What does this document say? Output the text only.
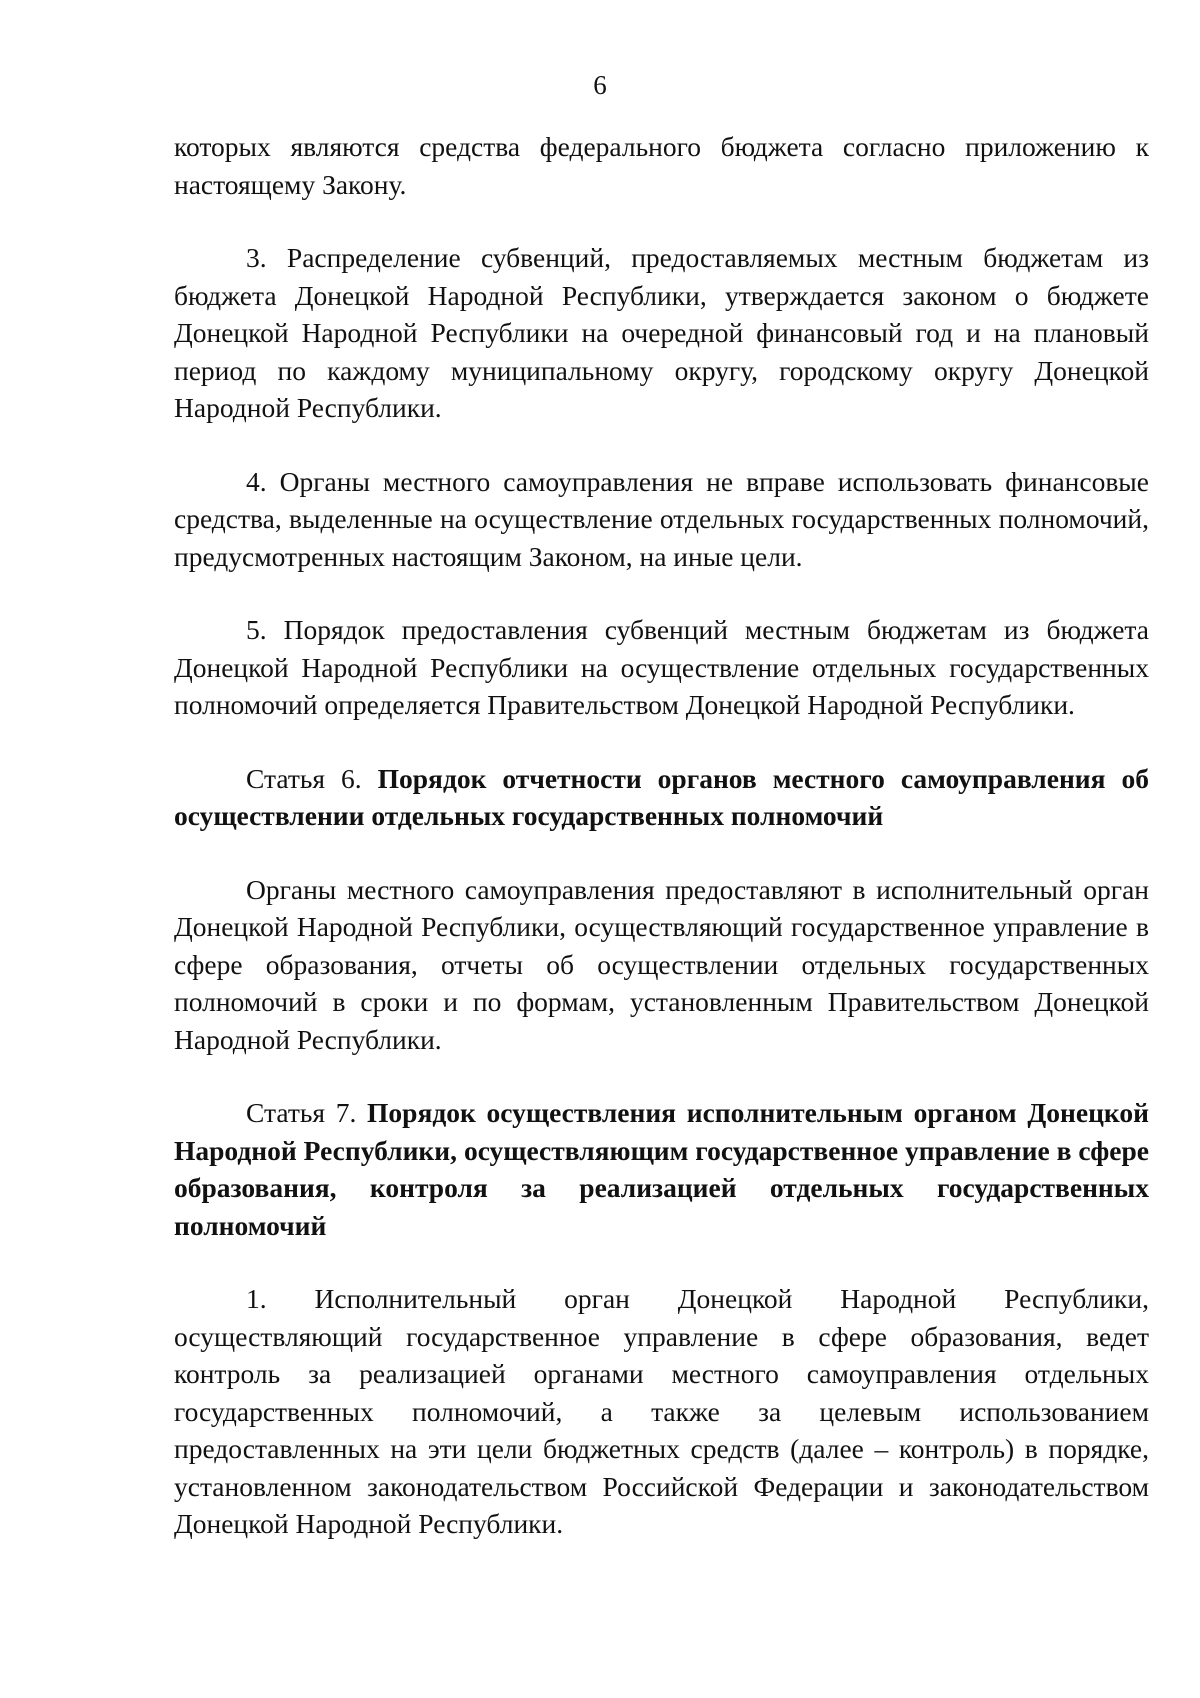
6

которых являются средства федерального бюджета согласно приложению к настоящему Закону.

3. Распределение субвенций, предоставляемых местным бюджетам из бюджета Донецкой Народной Республики, утверждается законом о бюджете Донецкой Народной Республики на очередной финансовый год и на плановый период по каждому муниципальному округу, городскому округу Донецкой Народной Республики.

4. Органы местного самоуправления не вправе использовать финансовые средства, выделенные на осуществление отдельных государственных полномочий, предусмотренных настоящим Законом, на иные цели.

5. Порядок предоставления субвенций местным бюджетам из бюджета Донецкой Народной Республики на осуществление отдельных государственных полномочий определяется Правительством Донецкой Народной Республики.

Статья 6. Порядок отчетности органов местного самоуправления об осуществлении отдельных государственных полномочий

Органы местного самоуправления предоставляют в исполнительный орган Донецкой Народной Республики, осуществляющий государственное управление в сфере образования, отчеты об осуществлении отдельных государственных полномочий в сроки и по формам, установленным Правительством Донецкой Народной Республики.

Статья 7. Порядок осуществления исполнительным органом Донецкой Народной Республики, осуществляющим государственное управление в сфере образования, контроля за реализацией отдельных государственных полномочий

1. Исполнительный орган Донецкой Народной Республики, осуществляющий государственное управление в сфере образования, ведет контроль за реализацией органами местного самоуправления отдельных государственных полномочий, а также за целевым использованием предоставленных на эти цели бюджетных средств (далее – контроль) в порядке, установленном законодательством Российской Федерации и законодательством Донецкой Народной Республики.
